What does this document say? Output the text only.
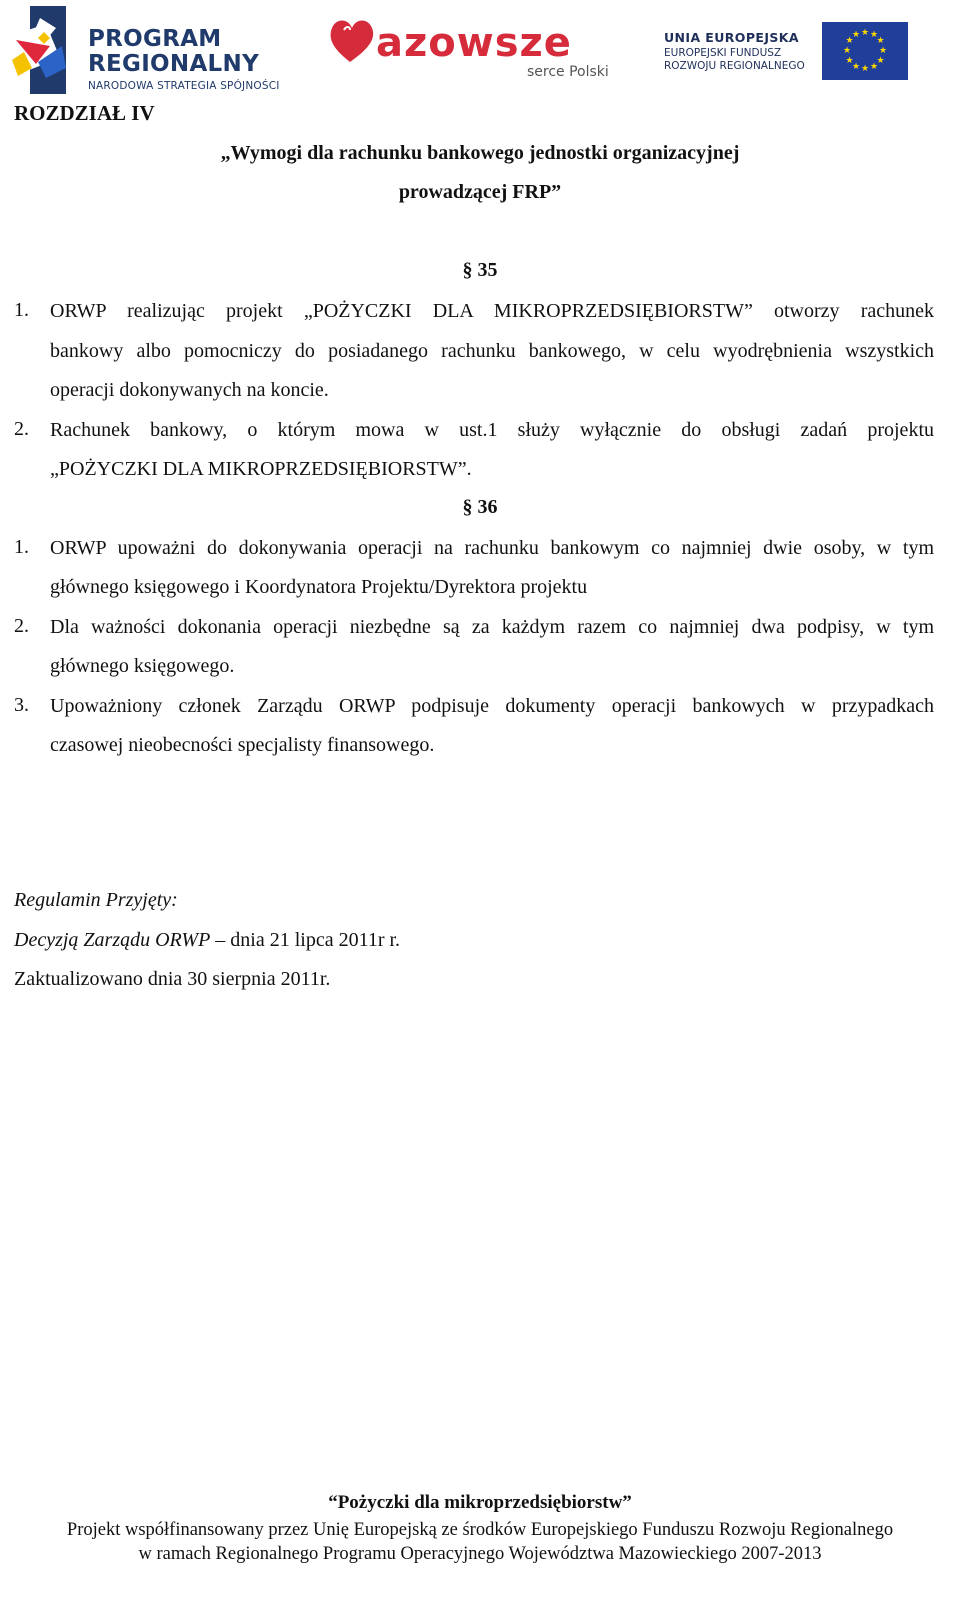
PROGRAM
REGIONALNY
NARODOWA STRATEGIA SPÓJNOŚCI
azowsze
serce Polski
UNIA EUROPEJSKA
EUROPEJSKI FUNDUSZ
ROZWOJU REGIONALNEGO
★ ★
★
★
★
★
★
★
★
★
★
★
ROZDZIAŁ IV
„Wymogi dla rachunku bankowego jednostki organizacyjnej
prowadzącej FRP”
§ 35
1. ORWP realizując projekt „POŻYCZKI DLA MIKROPRZEDSIĘBIORSTW” otworzy rachunek
bankowy albo pomocniczy do posiadanego rachunku bankowego, w celu wyodrębnienia wszystkich
operacji dokonywanych na koncie.
2. Rachunek bankowy, o którym mowa w ust.1 służy wyłącznie do obsługi zadań projektu
„POŻYCZKI DLA MIKROPRZEDSIĘBIORSTW”.
§ 36
1. ORWP upoważni do dokonywania operacji na rachunku bankowym co najmniej dwie osoby, w tym
głównego księgowego i Koordynatora Projektu/Dyrektora projektu
2. Dla ważności dokonania operacji niezbędne są za każdym razem co najmniej dwa podpisy, w tym
głównego księgowego.
3. Upoważniony członek Zarządu ORWP podpisuje dokumenty operacji bankowych w przypadkach
czasowej nieobecności specjalisty finansowego.
Regulamin Przyjęty:
Decyzją Zarządu ORWP – dnia 21 lipca 2011r r.
Zaktualizowano dnia 30 sierpnia 2011r.
“Pożyczki dla mikroprzedsiębiorstw”
Projekt współfinansowany przez Unię Europejską ze środków Europejskiego Funduszu Rozwoju Regionalnego
w ramach Regionalnego Programu Operacyjnego Województwa Mazowieckiego 2007-2013
